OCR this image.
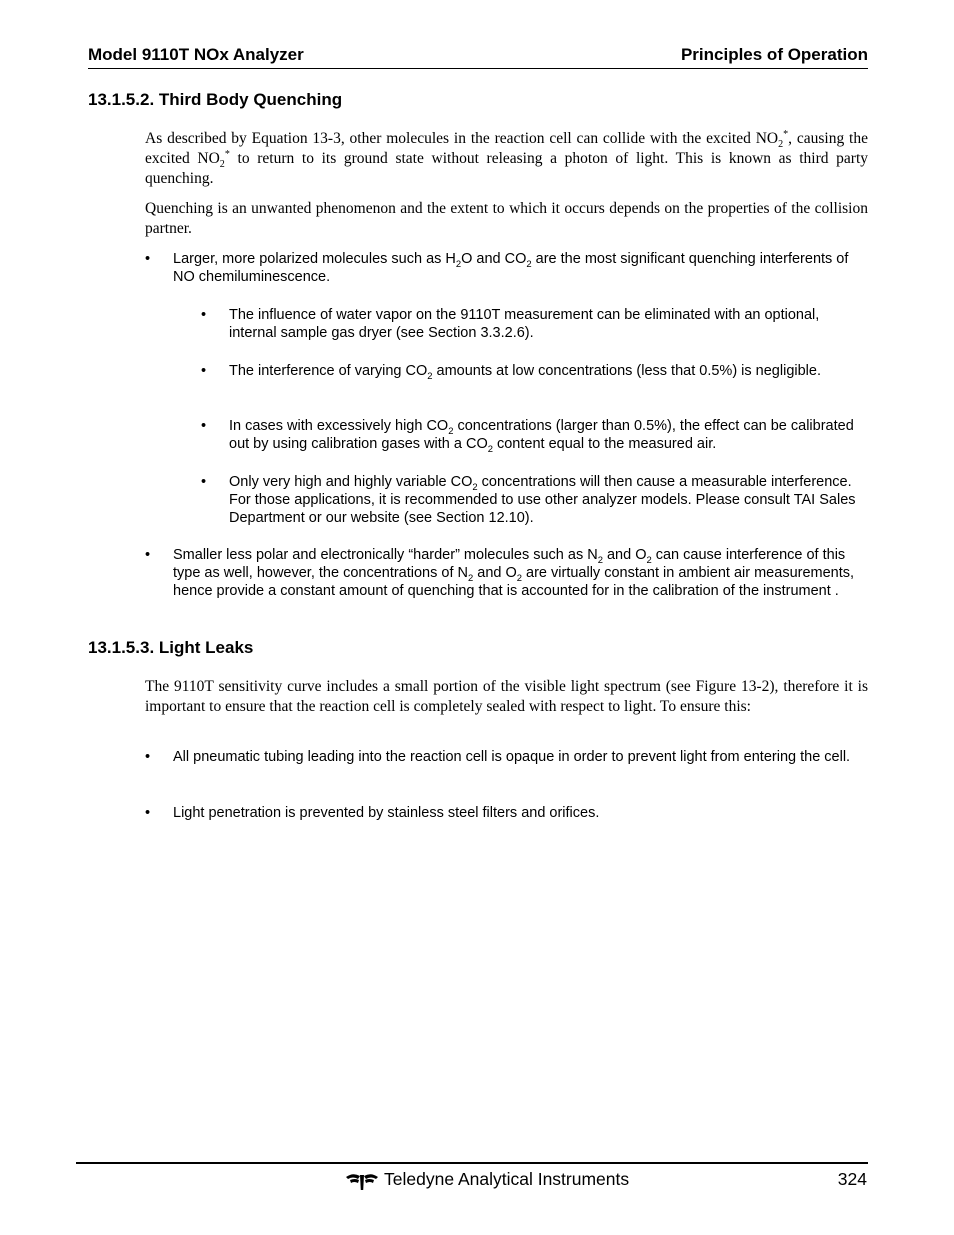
Model 9110T NOx Analyzer	Principles of Operation
13.1.5.2. Third Body Quenching

As described by Equation 13-3, other molecules in the reaction cell can collide with the excited $NO_2^*$, causing the excited $NO_2^*$ to return to its ground state without releasing a photon of light. This is known as third party quenching.

Quenching is an unwanted phenomenon and the extent to which it occurs depends on the properties of the collision partner.

• Larger, more polarized molecules such as $H_2O$ and $CO_2$ are the most significant quenching interferents of NO chemiluminescence.
• The influence of water vapor on the 9110T measurement can be eliminated with an optional, internal sample gas dryer (see Section 3.3.2.6).
• The interference of varying $CO_2$ amounts at low concentrations (less that 0.5%) is negligible.
• In cases with excessively high $CO_2$ concentrations (larger than 0.5%), the effect can be calibrated out by using calibration gases with a $CO_2$ content equal to the measured air.
• Only very high and highly variable $CO_2$ concentrations will then cause a measurable interference. For those applications, it is recommended to use other analyzer models. Please consult TAI Sales Department or our website (see Section 12.10).
• Smaller less polar and electronically “harder” molecules such as $N_2$ and $O_2$ can cause interference of this type as well, however, the concentrations of $N_2$ and $O_2$ are virtually constant in ambient air measurements, hence provide a constant amount of quenching that is accounted for in the calibration of the instrument .
13.1.5.3. Light Leaks

The 9110T sensitivity curve includes a small portion of the visible light spectrum (see Figure 13-2), therefore it is important to ensure that the reaction cell is completely sealed with respect to light. To ensure this:

• All pneumatic tubing leading into the reaction cell is opaque in order to prevent light from entering the cell.
• Light penetration is prevented by stainless steel filters and orifices.
Teledyne Analytical Instruments	324
